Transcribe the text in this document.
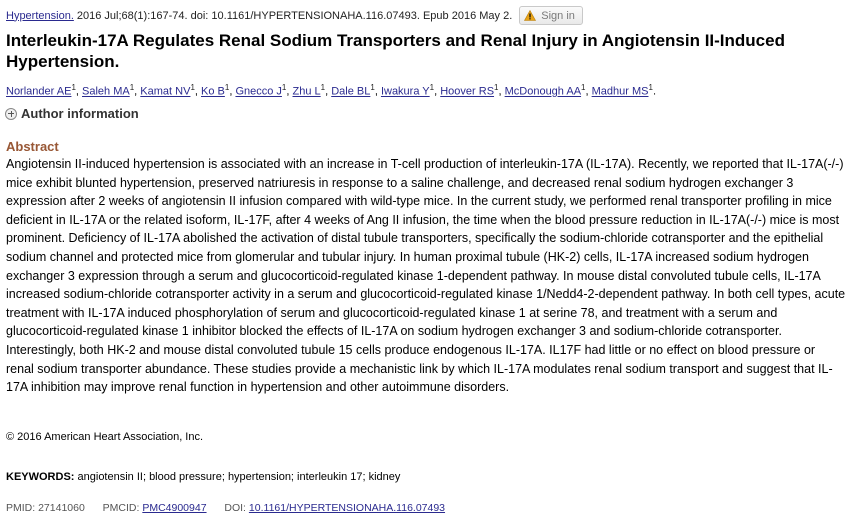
Hypertension. 2016 Jul;68(1):167-74. doi: 10.1161/HYPERTENSIONAHA.116.07493. Epub 2016 May 2.	Sign in
Interleukin-17A Regulates Renal Sodium Transporters and Renal Injury in Angiotensin II-Induced Hypertension.
Norlander $AE^1$, Saleh $MA^1$, Kamat $NV^1$, Ko $B^1$, Gnecco $J^1$, Zhu $L^1$, Dale $BL^1$, Iwakura $Y^1$, Hoover $RS^1$, McDonough $AA^1$, Madhur $MS^1$.
Author information
Abstract

Angiotensin II-induced hypertension is associated with an increase in T-cell production of interleukin-17A (IL-17A). Recently, we reported that IL-17A(-/-) mice exhibit blunted hypertension, preserved natriuresis in response to a saline challenge, and decreased renal sodium hydrogen exchanger 3 expression after 2 weeks of angiotensin II infusion compared with wild-type mice. In the current study, we performed renal transporter profiling in mice deficient in IL-17A or the related isoform, IL-17F, after 4 weeks of Ang II infusion, the time when the blood pressure reduction in IL-17A(-/-) mice is most prominent. Deficiency of IL-17A abolished the activation of distal tubule transporters, specifically the sodium-chloride cotransporter and the epithelial sodium channel and protected mice from glomerular and tubular injury. In human proximal tubule (HK-2) cells, IL-17A increased sodium hydrogen exchanger 3 expression through a serum and glucocorticoid-regulated kinase 1-dependent pathway. In mouse distal convoluted tubule cells, IL-17A increased sodium-chloride cotransporter activity in a serum and glucocorticoid-regulated kinase 1/Nedd4-2-dependent pathway. In both cell types, acute treatment with IL-17A induced phosphorylation of serum and glucocorticoid-regulated kinase 1 at serine 78, and treatment with a serum and glucocorticoid-regulated kinase 1 inhibitor blocked the effects of IL-17A on sodium hydrogen exchanger 3 and sodium-chloride cotransporter. Interestingly, both HK-2 and mouse distal convoluted tubule 15 cells produce endogenous IL-17A. IL17F had little or no effect on blood pressure or renal sodium transporter abundance. These studies provide a mechanistic link by which IL-17A modulates renal sodium transport and suggest that IL-17A inhibition may improve renal function in hypertension and other autoimmune disorders.

© 2016 American Heart Association, Inc.
KEYWORDS: angiotensin II; blood pressure; hypertension; interleukin 17; kidney
PMID: 27141060 PMCID: PMC4900947 DOI: 10.1161/HYPERTENSIONAHA.116.07493
